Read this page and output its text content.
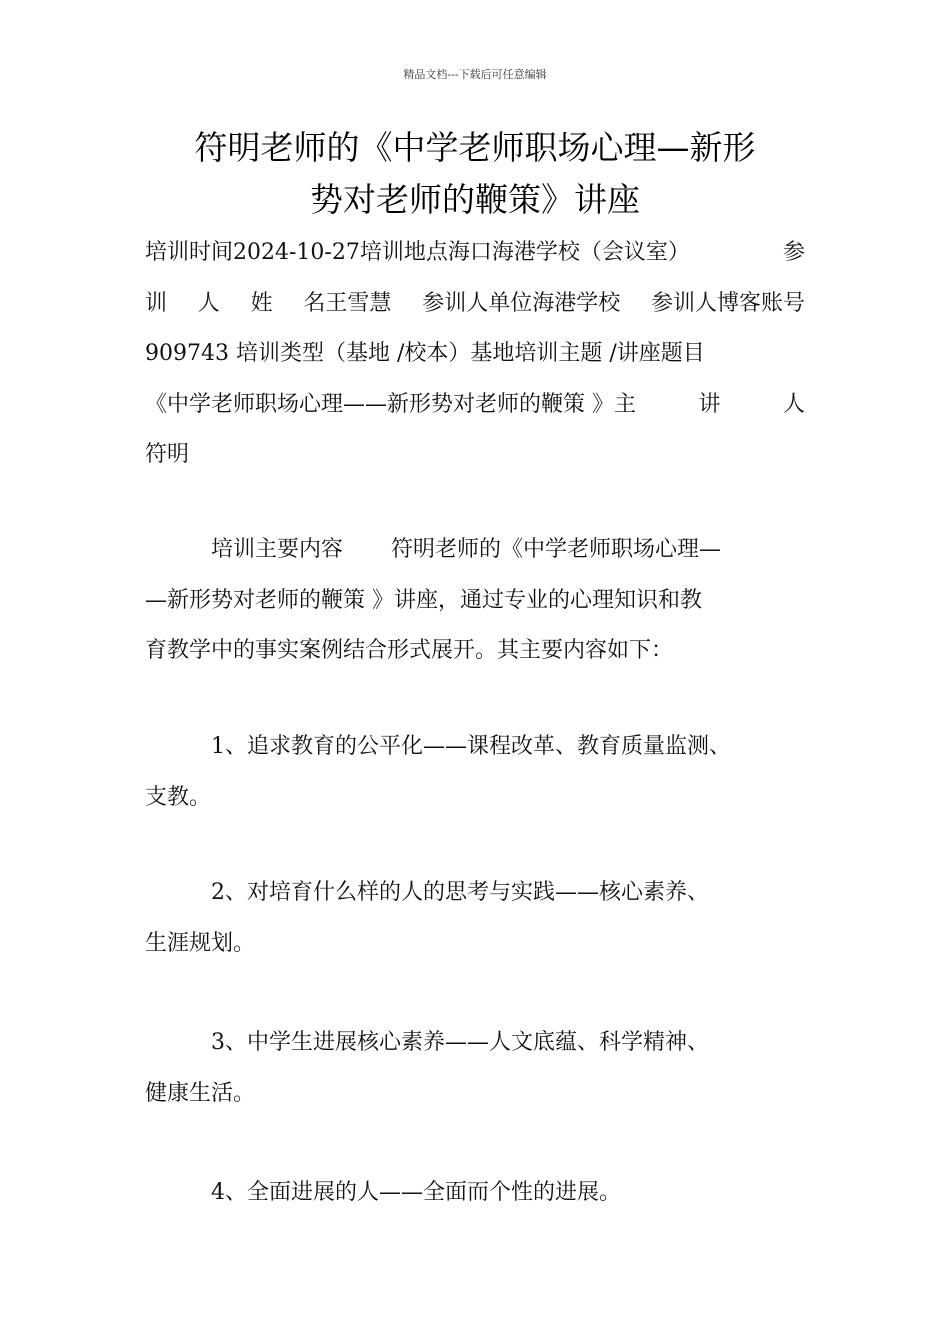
精品文档---下载后可任意编辑
符明老师的《中学老师职场心理—新形
势对老师的鞭策》讲座
培训时间2024-10-27培训地点海口海港学校（会议室）	参
训 人 姓 名王雪慧 参训人单位海港学校 参训人博客账号
909743 培训类型（基地 /校本）基地培训主题 /讲座题目
《中学老师职场心理——新形势对老师的鞭策 》主	讲	人
符明
培训主要内容 符明老师的《中学老师职场心理—
—新形势对老师的鞭策 》讲座，通过专业的心理知识和教
育教学中的事实案例结合形式展开。其主要内容如下：
1、追求教育的公平化——课程改革、教育质量监测、
支教。
2、对培育什么样的人的思考与实践——核心素养、
生涯规划。
3、中学生进展核心素养——人文底蕴、科学精神、
健康生活。
4、全面进展的人——全面而个性的进展。
